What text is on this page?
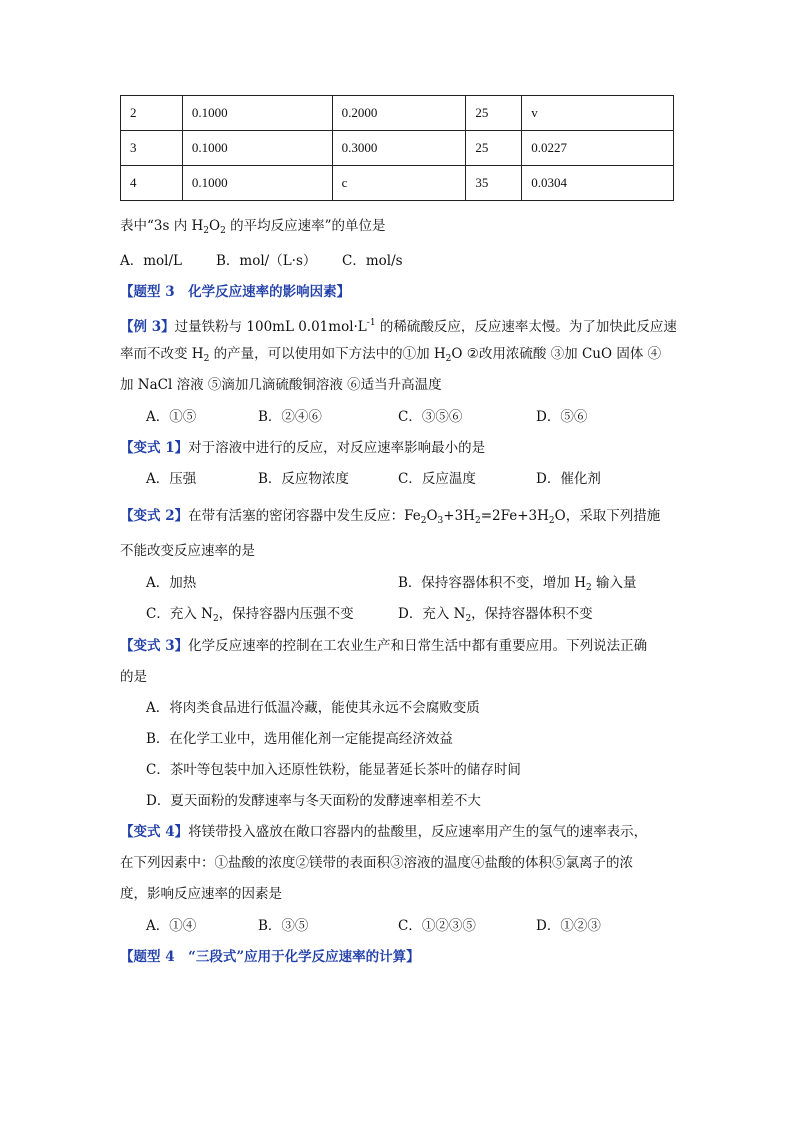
2	0.1000	0.2000	25	v
3	0.1000	0.3000	25	0.0227
4	0.1000	c	35	0.0304
表中“3s 内 $H_2O_2$ 的平均反应速率”的单位是
A．mol/L	B．mol/（L·s） C．mol/s
【题型 3　化学反应速率的影响因素】
【例 3】过量铁粉与 100mL $0.01mol\cdot L^{-1}$ 的稀硫酸反应，反应速率太慢。为了加快此反应速
率而不改变 $H_2$ 的产量，可以使用如下方法中的①加 $H_2O$ ②改用浓硫酸 ③加 CuO 固体 ④
加 NaCl 溶液 ⑤滴加几滴硫酸铜溶液 ⑥适当升高温度
A．①⑤	B．②④⑥	C．③⑤⑥	D．⑤⑥
【变式 1】对于溶液中进行的反应，对反应速率影响最小的是
A．压强	B．反应物浓度	C．反应温度	D．催化剂
【变式 2】在带有活塞的密闭容器中发生反应：$Fe_2O_3+3H_2=2Fe+3H_2O$，采取下列措施
不能改变反应速率的是
A．加热	B．保持容器体积不变，增加 $H_2$ 输入量
C．充入 $N_2$，保持容器内压强不变	D．充入 $N_2$，保持容器体积不变
【变式 3】化学反应速率的控制在工农业生产和日常生活中都有重要应用。下列说法正确
的是
A．将肉类食品进行低温冷藏，能使其永远不会腐败变质
B．在化学工业中，选用催化剂一定能提高经济效益
C．茶叶等包装中加入还原性铁粉，能显著延长茶叶的储存时间
D．夏天面粉的发酵速率与冬天面粉的发酵速率相差不大
【变式 4】将镁带投入盛放在敞口容器内的盐酸里，反应速率用产生的氢气的速率表示，
在下列因素中：①盐酸的浓度②镁带的表面积③溶液的温度④盐酸的体积⑤氯离子的浓
度，影响反应速率的因素是
A．①④	B．③⑤	C．①②③⑤	D．①②③
【题型 4　“三段式”应用于化学反应速率的计算】
